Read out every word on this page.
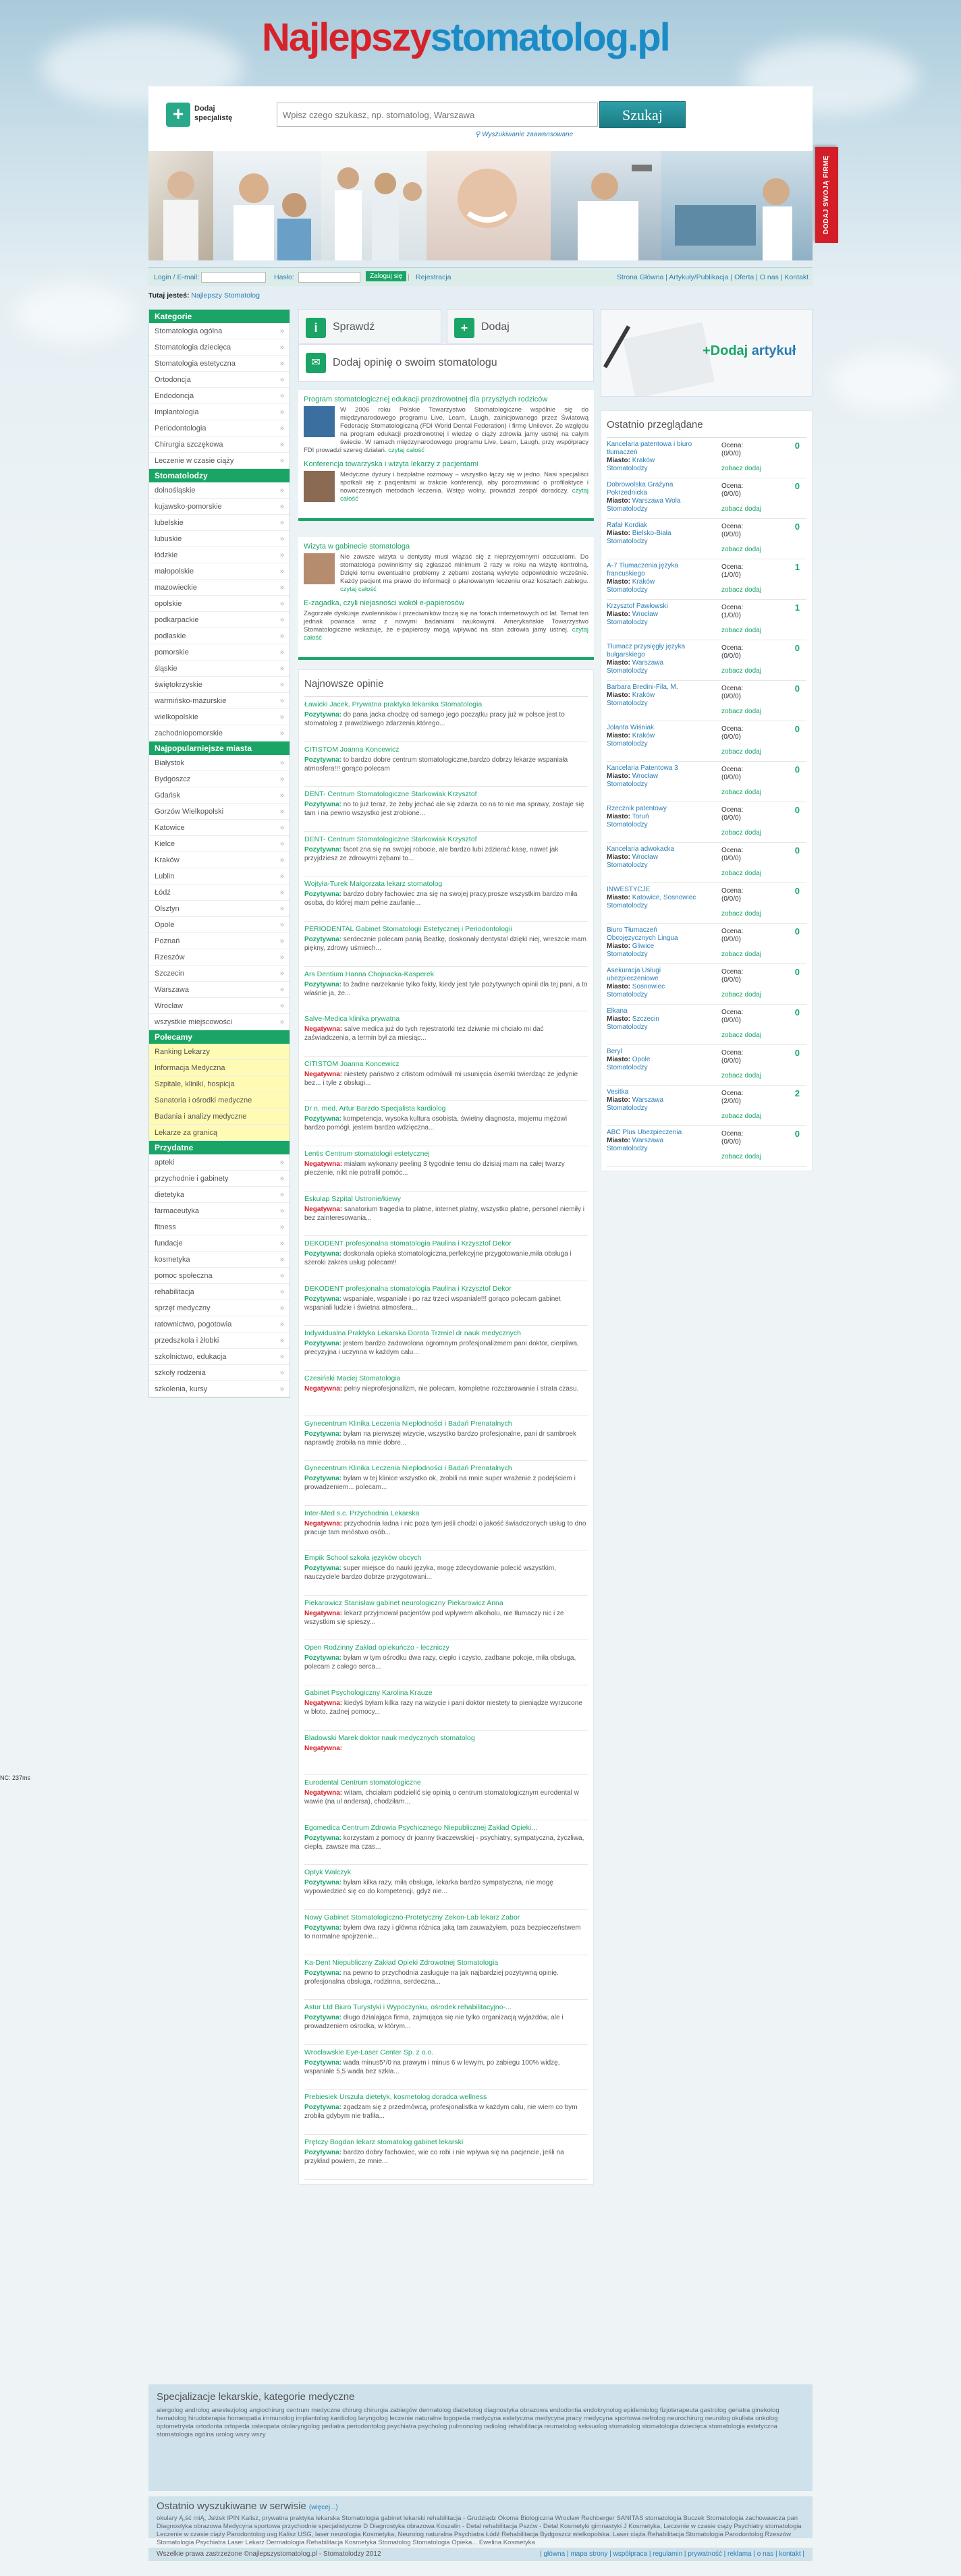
Najlepszystomatolog.pl
+	Dodaj
specjalistę
Wpisz czego szukasz, np. stomatolog, Warszawa	Szukaj
⚲ Wyszukiwanie zaawansowane
Login / E-mail:	Hasło:	Zaloguj się | Rejestracja	Strona Główna | Artykuły/Publikacja | Oferta | O nas | Kontakt
Tutaj jesteś: Najlepszy Stomatolog
Kategorie
Stomatologia ogólna »
Stomatologia dziecięca »
Stomatologia estetyczna »
Ortodoncja »
Endodoncja »
Implantologia »
Periodontologia »
Chirurgia szczękowa »
Leczenie w czasie ciąży »
Stomatolodzy
dolnośląskie »
kujawsko-pomorskie »
lubelskie »
lubuskie »
łódzkie »
małopolskie »
mazowieckie »
opolskie »
podkarpackie »
podlaskie »
pomorskie »
śląskie »
świętokrzyskie »
warmińsko-mazurskie »
wielkopolskie »
zachodniopomorskie »
Najpopularniejsze miasta
Białystok »
Bydgoszcz »
Gdańsk »
Gorzów Wielkopolski »
Katowice »
Kielce »
Kraków »
Lublin »
Łódź »
Olsztyn »
Opole »
Poznań »
Rzeszów »
Szczecin »
Warszawa »
Wrocław »
wszystkie miejscowości »
Polecamy
Ranking Lekarzy
Informacja Medyczna
Szpitale, kliniki, hospicja
Sanatoria i ośrodki medyczne
Badania i analizy medyczne
Lekarze za granicą
Przydatne
apteki »
przychodnie i gabinety »
dietetyka »
farmaceutyka »
fitness »
fundacje »
kosmetyka »
pomoc społeczna »
rehabilitacja »
sprzęt medyczny »
ratownictwo, pogotowia »
przedszkola i żłobki »
szkolnictwo, edukacja »
szkoły rodzenia »
szkolenia, kursy »
i	Sprawdź	+	Dodaj
✉	Dodaj opinię o swoim stomatologu
Program stomatologicznej edukacji prozdrowotnej dla przyszłych rodziców
W 2006 roku Polskie Towarzystwo Stomatologiczne wspólnie się do międzynarodowego programu Live, Learn, Laugh, zainicjowanego przez Światową Federację Stomatologiczną (FDI World Dental Federation) i firmę Unilever. Ze względu na program edukacji prozdrowotnej i wiedzę o ciąży zdrowia jamy ustnej na całym świecie. W ramach międzynarodowego programu Live, Learn, Laugh, przy współpracy FDI prowadzi szereg działań. czytaj całość
Konferencja towarzyska i wizyta lekarzy z pacjentami
Medyczne dyżury i bezpłatne rozmowy – wszystko łączy się w jedno. Nasi specjaliści spotkali się z pacjentami w trakcie konferencji, aby porozmawiać o profilaktyce i nowoczesnych metodach leczenia. Wstęp wolny, prowadzi zespół doradczy. czytaj całość
Wizyta w gabinecie stomatologa
Nie zawsze wizyta u dentysty musi wiązać się z nieprzyjemnymi odczuciami. Do stomatologa powinniśmy się zgłaszać minimum 2 razy w roku na wizytę kontrolną. Dzięki temu ewentualne problemy z zębami zostaną wykryte odpowiednio wcześnie. Każdy pacjent ma prawo do informacji o planowanym leczeniu oraz kosztach zabiegu. czytaj całość
E-zagadka, czyli niejasności wokół e-papierosów
Zagorzałe dyskusje zwolenników i przeciwników toczą się na forach internetowych od lat. Temat ten jednak powraca wraz z nowymi badaniami naukowymi. Amerykańskie Towarzystwo Stomatologiczne wskazuje, że e-papierosy mogą wpływać na stan zdrowia jamy ustnej. czytaj całość
Najnowsze opinie
Ławicki Jacek, Prywatna praktyka lekarska Stomatologia
Pozytywna: do pana jacka chodzę od samego jego początku pracy już w polsce jest to stomatolog z prawdziwego zdarzenia,którego...
CITISTOM Joanna Koncewicz
Pozytywna: to bardzo dobre centrum stomatologiczne,bardzo dobrzy lekarze wspaniała atmosfera!!! gorąco polecam
DENT- Centrum Stomatologiczne Starkowiak Krzysztof
Pozytywna: no to już teraz, że żeby jechać ale się zdarza co na to nie ma sprawy, zostaje się tam i na pewno wszystko jest zrobione...
DENT- Centrum Stomatologiczne Starkowiak Krzysztof
Pozytywna: facet zna się na swojej robocie, ale bardzo lubi zdzierać kasę, nawet jak przyjdziesz ze zdrowymi zębami to...
Wojtyła-Turek Małgorzata lekarz stomatolog
Pozytywna: bardzo dobry fachowiec zna się na swojej pracy,prosze wszystkim bardzo miła osoba, do której mam pełne zaufanie...
PERIODENTAL Gabinet Stomatologii Estetycznej i Periodontologii
Pozytywna: serdecznie polecam panią Beatkę, doskonały dentysta! dzięki niej, wreszcie mam piękny, zdrowy uśmiech...
Ars Dentium Hanna Chojnacka-Kasperek
Pozytywna: to żadne narzekanie tylko fakty, kiedy jest tyle pozytywnych opinii dla tej pani, a to właśnie ja, że...
Salve-Medica klinika prywatna
Negatywna: salve medica już do tych rejestratorki też dziwnie mi chciało mi dać zaświadczenia, a termin był za miesiąc...
CITISTOM Joanna Koncewicz
Negatywna: niestety państwo z citistom odmówili mi usunięcia ósemki twierdząc że jedynie bez... i tyle z obsługi...
Dr n. med. Artur Barzdo Specjalista kardiolog
Pozytywna: kompetencja, wysoka kultura osobista, świetny diagnosta, mojemu mężowi bardzo pomógł, jestem bardzo wdzięczna...
Lentis Centrum stomatologii estetycznej
Negatywna: miałam wykonany peeling 3 tygodnie temu do dzisiaj mam na całej twarzy pieczenie, nikt nie potrafił pomóc...
Eskulap Szpital Ustronie/kiewy
Negatywna: sanatorium tragedia to platne, internet platny, wszystko płatne, personel niemiły i bez zainteresowania...
DEKODENT profesjonalna stomatologia Paulina i Krzysztof Dekor
Pozytywna: doskonała opieka stomatologiczna,perfekcyjne przygotowanie,miła obsługa i szeroki zakres usług polecam!!
DEKODENT profesjonalna stomatologia Paulina i Krzysztof Dekor
Pozytywna: wspaniałe, wspaniale i po raz trzeci wspaniale!!! gorąco polecam gabinet wspaniali ludzie i świetna atmosfera...
Indywidualna Praktyka Lekarska Dorota Trzmiel dr nauk medycznych
Pozytywna: jestem bardzo zadowolona ogromnym profesjonalizmem pani doktor, cierpliwa, precyzyjna i uczynna w każdym calu...
Czesiński Maciej Stomatologia
Negatywna: pełny nieprofesjonalizm, nie polecam, kompletne rozczarowanie i strata czasu.
Gynecentrum Klinika Leczenia Niepłodności i Badań Prenatalnych
Pozytywna: byłam na pierwszej wizycie, wszystko bardzo profesjonalne, pani dr sambroek naprawdę zrobiła na mnie dobre...
Gynecentrum Klinika Leczenia Niepłodności i Badań Prenatalnych
Pozytywna: byłam w tej klinice wszystko ok, zrobili na mnie super wrażenie z podejściem i prowadzeniem... polecam...
Inter-Med s.c. Przychodnia Lekarska
Negatywna: przychodnia ładna i nic poza tym jeśli chodzi o jakość świadczonych usług to dno pracuje tam mnóstwo osób...
Empik School szkoła języków obcych
Pozytywna: super miejsce do nauki języka, mogę zdecydowanie polecić wszystkim, nauczyciele bardzo dobrze przygotowani...
Piekarowicz Stanisław gabinet neurologiczny Piekarowicz Anna
Negatywna: lekarz przyjmował pacjentów pod wpływem alkoholu, nie tłumaczy nic i ze wszystkim się spieszy...
Open Rodzinny Zakład opiekuńczo - leczniczy
Pozytywna: byłam w tym ośrodku dwa razy, ciepło i czysto, zadbane pokoje, miła obsługa, polecam z całego serca...
Gabinet Psychologiczny Karolina Krauze
Negatywna: kiedyś byłam kilka razy na wizycie i pani doktor niestety to pieniądze wyrzucone w błoto, żadnej pomocy...
Bladowski Marek doktor nauk medycznych stomatolog
Negatywna:
Eurodental Centrum stomatologiczne
Negatywna: witam, chciałam podzielić się opinią o centrum stomatologicznym eurodental w wawie (na ul andersa), chodziłam...
Egomedica Centrum Zdrowia Psychicznego Niepublicznej Zakład Opieki...
Pozytywna: korzystam z pomocy dr joanny tkaczewskiej - psychiatry, sympatyczna, życzliwa, ciepła, zawsze ma czas...
Optyk Walczyk
Pozytywna: byłam kilka razy, miła obsługa, lekarka bardzo sympatyczna, nie mogę wypowiedzieć się co do kompetencji, gdyż nie...
Nowy Gabinet Stomatologiczno-Protetyczny Zekon-Lab lekarz Zabor
Pozytywna: byłem dwa razy i główna różnica jaką tam zauważyłem, poza bezpieczeństwem to normalne spojrzenie...
Ka-Dent Niepubliczny Zakład Opieki Zdrowotnej Stomatologia
Pozytywna: na pewno to przychodnia zasługuje na jak najbardziej pozytywną opinię. profesjonalna obsługa, rodzinna, serdeczna...
Astur Ltd Biuro Turystyki i Wypoczynku, ośrodek rehabilitacyjno-...
Pozytywna: długo dzialająca firma, zajmująca się nie tylko organizacją wyjazdów, ale i prowadzeniem ośrodka, w którym...
Wrocławskie Eye-Laser Center Sp. z o.o.
Pozytywna: wada minus5*/0 na prawym i minus 6 w lewym, po zabiegu 100% widzę, wspaniałe 5,5 wada bez szkła...
Prebiesiek Urszula dietetyk, kosmetolog doradca wellness
Pozytywna: zgadzam się z przedmówcą, profesjonalistka w każdym calu, nie wiem co bym zrobiła gdybym nie trafiła...
Prętczy Bogdan lekarz stomatolog gabinet lekarski
Pozytywna: bardzo dobry fachowiec, wie co robi i nie wpływa się na pacjencie, jeśli na przykład powiem, że mnie...
+Dodaj artykuł
Ostatnio przeglądane
Kancelaria patentowa i biuro tłumaczeń
Miasto: Kraków
Stomatolodzy
Ocena:
(0/0/0)
0
zobacz dodaj
Dobrowolska Grażyna Pokrzednicka
Miasto: Warszawa Wola
Stomatolodzy
Ocena:
(0/0/0)
0
zobacz dodaj
Rafał Kordiak
Miasto: Bielsko-Biała
Stomatolodzy
Ocena:
(0/0/0)
0
zobacz dodaj
A-7 Tłumaczenia języka francuskiego
Miasto: Kraków
Stomatolodzy
Ocena:
(1/0/0)
1
zobacz dodaj
Krzysztof Pawłowski
Miasto: Wrocław
Stomatolodzy
Ocena:
(1/0/0)
1
zobacz dodaj
Tłumacz przysięgły języka bułgarskiego
Miasto: Warszawa
Stomatolodzy
Ocena:
(0/0/0)
0
zobacz dodaj
Barbara Bredini-Fila, M.
Miasto: Kraków
Stomatolodzy
Ocena:
(0/0/0)
0
zobacz dodaj
Jolanta Wiśniak
Miasto: Kraków
Stomatolodzy
Ocena:
(0/0/0)
0
zobacz dodaj
Kancelaria Patentowa 3
Miasto: Wrocław
Stomatolodzy
Ocena:
(0/0/0)
0
zobacz dodaj
Rzecznik patentowy
Miasto: Toruń
Stomatolodzy
Ocena:
(0/0/0)
0
zobacz dodaj
Kancelaria adwokacka
Miasto: Wrocław
Stomatolodzy
Ocena:
(0/0/0)
0
zobacz dodaj
INWESTYCJE
Miasto: Katowice, Sosnowiec
Stomatolodzy
Ocena:
(0/0/0)
0
zobacz dodaj
Biuro Tłumaczeń Obcojęzycznych Lingua
Miasto: Gliwice
Stomatolodzy
Ocena:
(0/0/0)
0
zobacz dodaj
Asekuracja Usługi ubezpieczeniowe
Miasto: Sosnowiec
Stomatolodzy
Ocena:
(0/0/0)
0
zobacz dodaj
Elkana
Miasto: Szczecin
Stomatolodzy
Ocena:
(0/0/0)
0
zobacz dodaj
Beryl
Miasto: Opole
Stomatolodzy
Ocena:
(0/0/0)
0
zobacz dodaj
Vesitka
Miasto: Warszawa
Stomatolodzy
Ocena:
(2/0/0)
2
zobacz dodaj
ABC Plus Ubezpieczenia
Miasto: Warszawa
Stomatolodzy
Ocena:
(0/0/0)
0
zobacz dodaj
Specjalizacje lekarskie, kategorie medyczne

alergolog androlog anestezjolog angiochirurg centrum medyczne chirurg chirurgia zabiegów dermatolog diabetolog diagnostyka obrazowa endodontia endokrynolog epidemiolog fizjoterapeuta gastrolog geriatra ginekolog hematolog hirudoterapia homeopatia immunolog implantolog kardiolog laryngolog leczenie naturalne logopeda medycyna estetyczna medycyna pracy medycyna sportowa nefrolog neurochirurg neurolog okulista onkolog optometrysta ortodonta ortopeda osteopata otolaryngolog pediatra periodontolog psychiatra psycholog pulmonolog radiolog rehabilitacja reumatolog seksuolog stomatolog stomatologia dziecięca stomatologia estetyczna stomatologia ogólna urolog wszy wszy

Ostatnio wyszukiwane w serwisie (więcej...)

okulary Ą,ść miĄ, Jsłżsk IPIN Kalisz, prywatna praktyka lekarska Stomatologia gabinet lekarski rehabilitacja - Grudziądz Okoma Biologiczna Wrocław Rechberger SANITAS stomatologia Buczek Stomatologia zachowawcza pan Diagnostyka obrazowa Medycyna sportowa przychodnie specjalistyczne D Diagnostyka obrazowa Koszalin - Detal rehabilitacja Pszćw - Detal Kosmetyki gimnastyki J Kosmetyka, Leczenie w czasie ciąży Psychiatry stomatologia Leczenie w czasie ciąży Parodontolog usg Kalisz USG, laser neurologia Kosmetyka, Neurolog naturalna Psychiatra Łódź Rehabilitacja Bydgoszcz wielkopolska. Laser ciąża Rehabilitacja Stomatologia Parodontolog Rzeszów Stomatologia Psychiatra Laser Lekarz Dermatologia Rehabilitacja Kosmetyka Stomatolog Stomatologia Opieka... Ewelina Kosmetyka

Wszelkie prawa zastrzeżone ©najlepszystomatolog.pl - Stomatolodzy 2012	| główna | mapa strony | współpraca | regulamin | prywatność | reklama | o nas | kontakt |
DODAJ SWOJĄ FIRMĘ
NC: 237ms
